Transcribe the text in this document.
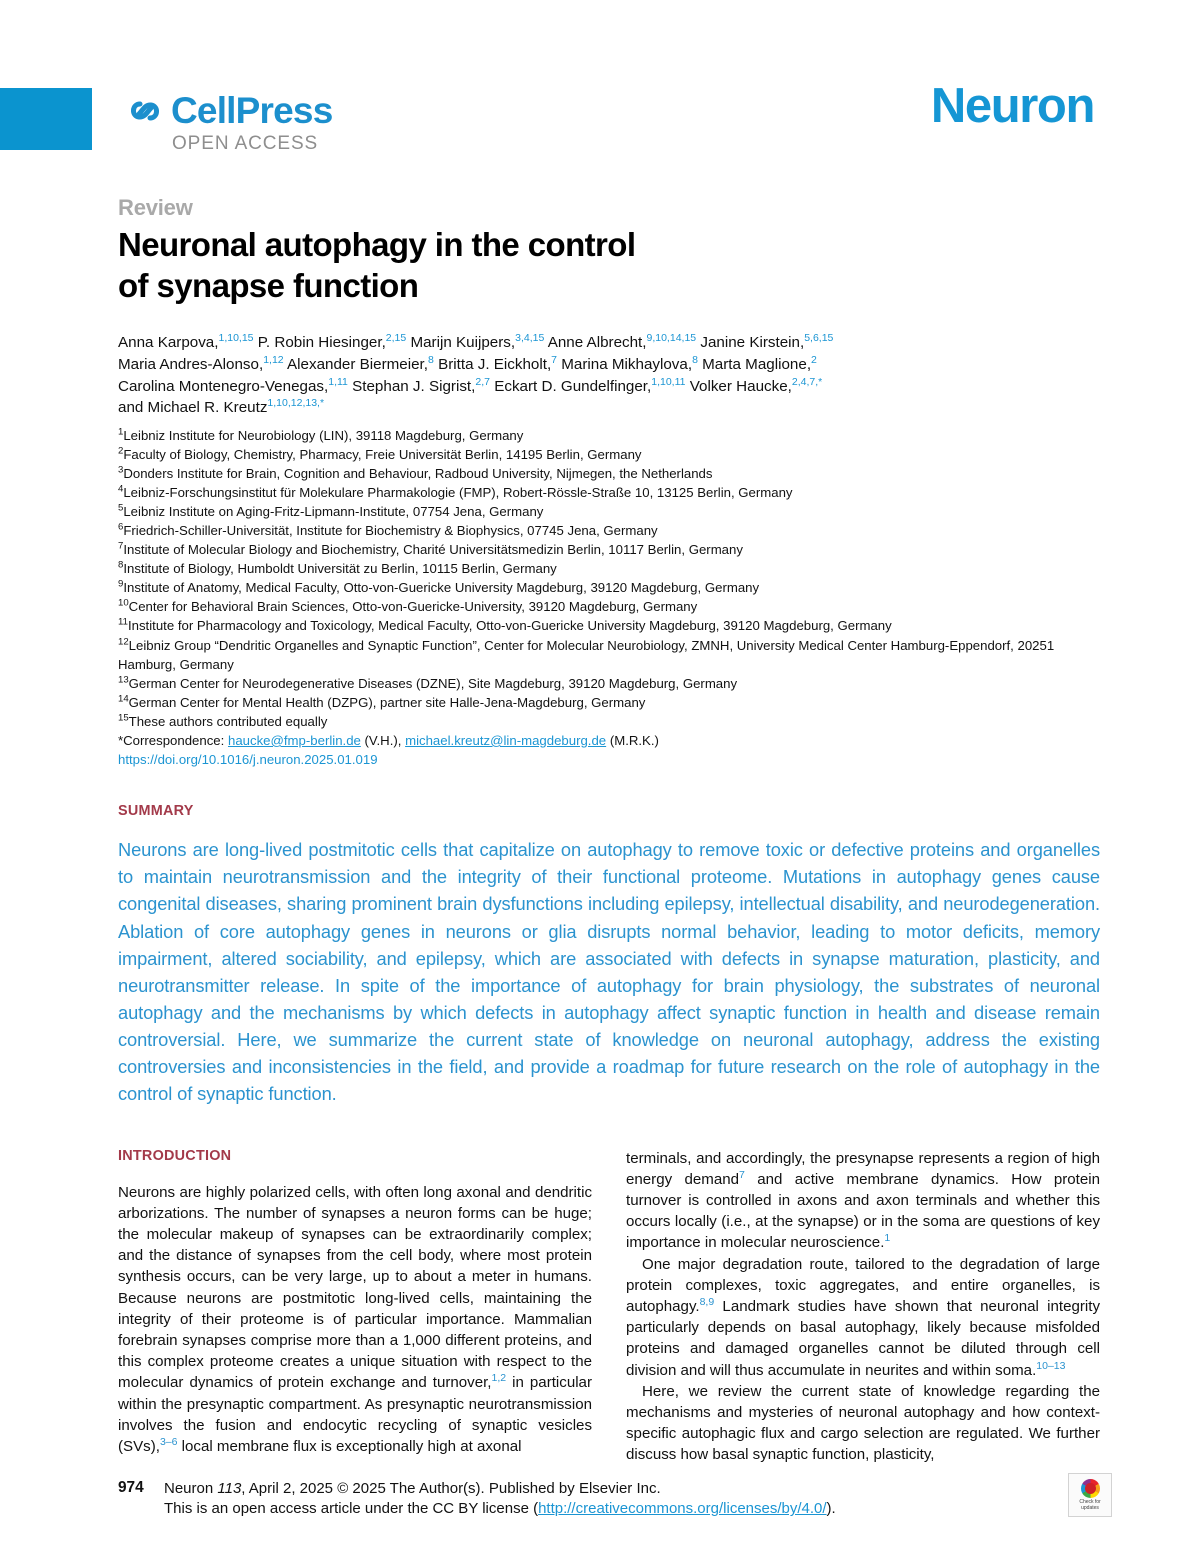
CellPress
OPEN ACCESS
Neuron
Review
Neuronal autophagy in the control
of synapse function
Anna Karpova,$^{1,10,15}$ P. Robin Hiesinger,$^{2,15}$ Marijn Kuijpers,$^{3,4,15}$ Anne Albrecht,$^{9,10,14,15}$ Janine Kirstein,$^{5,6,15}$
Maria Andres-Alonso,$^{1,12}$ Alexander Biermeier,$^8$ Britta J. Eickholt,$^7$ Marina Mikhaylova,$^8$ Marta Maglione,$^2$
Carolina Montenegro-Venegas,$^{1,11}$ Stephan J. Sigrist,$^{2,7}$ Eckart D. Gundelfinger,$^{1,10,11}$ Volker Haucke,$^{2,4,7,*}$
and Michael R. Kreutz$^{1,10,12,13,*}$

$^1$Leibniz Institute for Neurobiology (LIN), 39118 Magdeburg, Germany

$^2$Faculty of Biology, Chemistry, Pharmacy, Freie Universität Berlin, 14195 Berlin, Germany

$^3$Donders Institute for Brain, Cognition and Behaviour, Radboud University, Nijmegen, the Netherlands

$^4$Leibniz-Forschungsinstitut für Molekulare Pharmakologie (FMP), Robert-Rössle-Straße 10, 13125 Berlin, Germany

$^5$Leibniz Institute on Aging-Fritz-Lipmann-Institute, 07754 Jena, Germany

$^6$Friedrich-Schiller-Universität, Institute for Biochemistry & Biophysics, 07745 Jena, Germany

$^7$Institute of Molecular Biology and Biochemistry, Charité Universitätsmedizin Berlin, 10117 Berlin, Germany

$^8$Institute of Biology, Humboldt Universität zu Berlin, 10115 Berlin, Germany

$^9$Institute of Anatomy, Medical Faculty, Otto-von-Guericke University Magdeburg, 39120 Magdeburg, Germany

$^{10}$Center for Behavioral Brain Sciences, Otto-von-Guericke-University, 39120 Magdeburg, Germany

$^{11}$Institute for Pharmacology and Toxicology, Medical Faculty, Otto-von-Guericke University Magdeburg, 39120 Magdeburg, Germany

$^{12}$Leibniz Group “Dendritic Organelles and Synaptic Function”, Center for Molecular Neurobiology, ZMNH, University Medical Center Hamburg-Eppendorf, 20251 Hamburg, Germany

$^{13}$German Center for Neurodegenerative Diseases (DZNE), Site Magdeburg, 39120 Magdeburg, Germany

$^{14}$German Center for Mental Health (DZPG), partner site Halle-Jena-Magdeburg, Germany

$^{15}$These authors contributed equally

*Correspondence: haucke@fmp-berlin.de (V.H.), michael.kreutz@lin-magdeburg.de (M.R.K.)

https://doi.org/10.1016/j.neuron.2025.01.019

SUMMARY
Neurons are long-lived postmitotic cells that capitalize on autophagy to remove toxic or defective proteins and organelles to maintain neurotransmission and the integrity of their functional proteome. Mutations in autophagy genes cause congenital diseases, sharing prominent brain dysfunctions including epilepsy, intellectual disability, and neurodegeneration. Ablation of core autophagy genes in neurons or glia disrupts normal behavior, leading to motor deficits, memory impairment, altered sociability, and epilepsy, which are associated with defects in synapse maturation, plasticity, and neurotransmitter release. In spite of the importance of autophagy for brain physiology, the substrates of neuronal autophagy and the mechanisms by which defects in autophagy affect synaptic function in health and disease remain controversial. Here, we summarize the current state of knowledge on neuronal autophagy, address the existing controversies and inconsistencies in the field, and provide a roadmap for future research on the role of autophagy in the control of synaptic function.
INTRODUCTION

Neurons are highly polarized cells, with often long axonal and dendritic arborizations. The number of synapses a neuron forms can be huge; the molecular makeup of synapses can be extraordinarily complex; and the distance of synapses from the cell body, where most protein synthesis occurs, can be very large, up to about a meter in humans. Because neurons are postmitotic long-lived cells, maintaining the integrity of their proteome is of particular importance. Mammalian forebrain synapses comprise more than a 1,000 different proteins, and this complex proteome creates a unique situation with respect to the molecular dynamics of protein exchange and turnover,$^{1,2}$ in particular within the presynaptic compartment. As presynaptic neurotransmission involves the fusion and endocytic recycling of synaptic vesicles (SVs),$^{3-6}$ local membrane flux is exceptionally high at axonal

terminals, and accordingly, the presynapse represents a region of high energy demand$^7$ and active membrane dynamics. How protein turnover is controlled in axons and axon terminals and whether this occurs locally (i.e., at the synapse) or in the soma are questions of key importance in molecular neuroscience.$^1$

One major degradation route, tailored to the degradation of large protein complexes, toxic aggregates, and entire organelles, is autophagy.$^{8,9}$ Landmark studies have shown that neuronal integrity particularly depends on basal autophagy, likely because misfolded proteins and damaged organelles cannot be diluted through cell division and will thus accumulate in neurites and within soma.$^{10-13}$

Here, we review the current state of knowledge regarding the mechanisms and mysteries of neuronal autophagy and how context-specific autophagic flux and cargo selection are regulated. We further discuss how basal synaptic function, plasticity,

974	Neuron 113, April 2, 2025 © 2025 The Author(s). Published by Elsevier Inc.
This is an open access article under the CC BY license (http://creativecommons.org/licenses/by/4.0/).	Check for
updates
